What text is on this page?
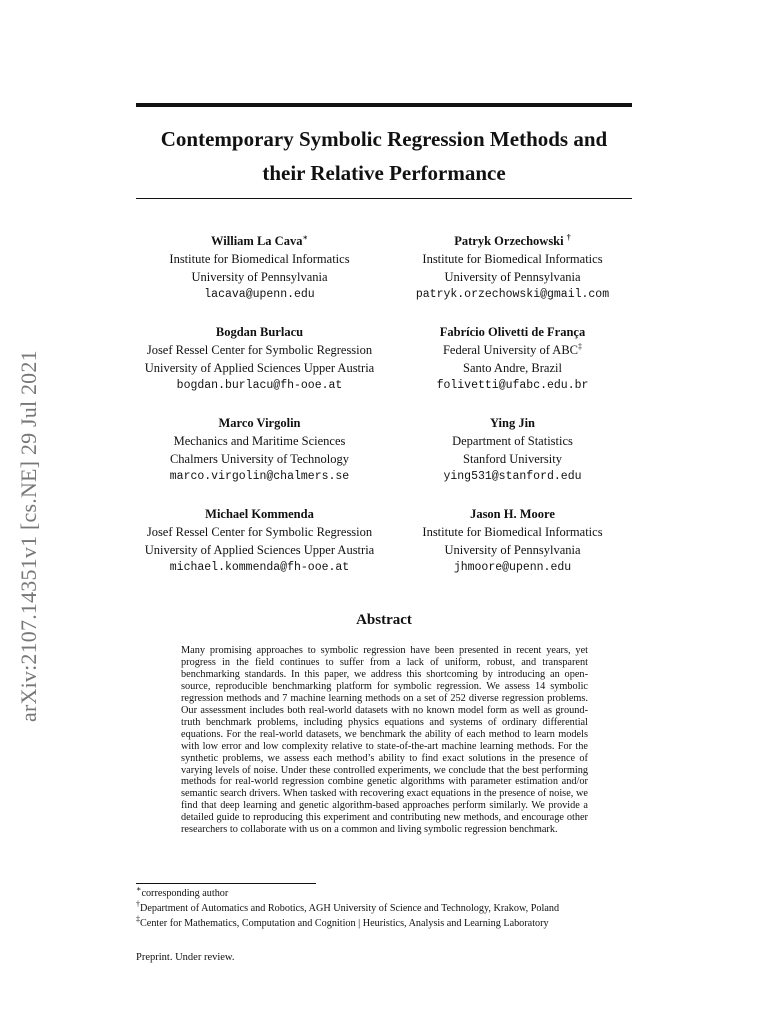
arXiv:2107.14351v1 [cs.NE] 29 Jul 2021
Contemporary Symbolic Regression Methods and
their Relative Performance
William La Cava∗
Institute for Biomedical Informatics
University of Pennsylvania
lacava@upenn.edu
Patryk Orzechowski †
Institute for Biomedical Informatics
University of Pennsylvania
patryk.orzechowski@gmail.com
Bogdan Burlacu
Josef Ressel Center for Symbolic Regression
University of Applied Sciences Upper Austria
bogdan.burlacu@fh-ooe.at
Fabrício Olivetti de França
Federal University of ABC‡
Santo Andre, Brazil
folivetti@ufabc.edu.br
Marco Virgolin
Mechanics and Maritime Sciences
Chalmers University of Technology
marco.virgolin@chalmers.se
Ying Jin
Department of Statistics
Stanford University
ying531@stanford.edu
Michael Kommenda
Josef Ressel Center for Symbolic Regression
University of Applied Sciences Upper Austria
michael.kommenda@fh-ooe.at
Jason H. Moore
Institute for Biomedical Informatics
University of Pennsylvania
jhmoore@upenn.edu
Abstract
Many promising approaches to symbolic regression have been presented in recent years, yet progress in the field continues to suffer from a lack of uniform, robust, and transparent benchmarking standards. In this paper, we address this shortcoming by introducing an open-source, reproducible benchmarking platform for symbolic regression. We assess 14 symbolic regression methods and 7 machine learning methods on a set of 252 diverse regression problems. Our assessment includes both real-world datasets with no known model form as well as ground-truth benchmark problems, including physics equations and systems of ordinary differential equations. For the real-world datasets, we benchmark the ability of each method to learn models with low error and low complexity relative to state-of-the-art machine learning methods. For the synthetic problems, we assess each method’s ability to find exact solutions in the presence of varying levels of noise. Under these controlled experiments, we conclude that the best performing methods for real-world regression combine genetic algorithms with parameter estimation and/or semantic search drivers. When tasked with recovering exact equations in the presence of noise, we find that deep learning and genetic algorithm-based approaches perform similarly. We provide a detailed guide to reproducing this experiment and contributing new methods, and encourage other researchers to collaborate with us on a common and living symbolic regression benchmark.
∗corresponding author
†Department of Automatics and Robotics, AGH University of Science and Technology, Krakow, Poland
‡Center for Mathematics, Computation and Cognition | Heuristics, Analysis and Learning Laboratory
Preprint. Under review.
